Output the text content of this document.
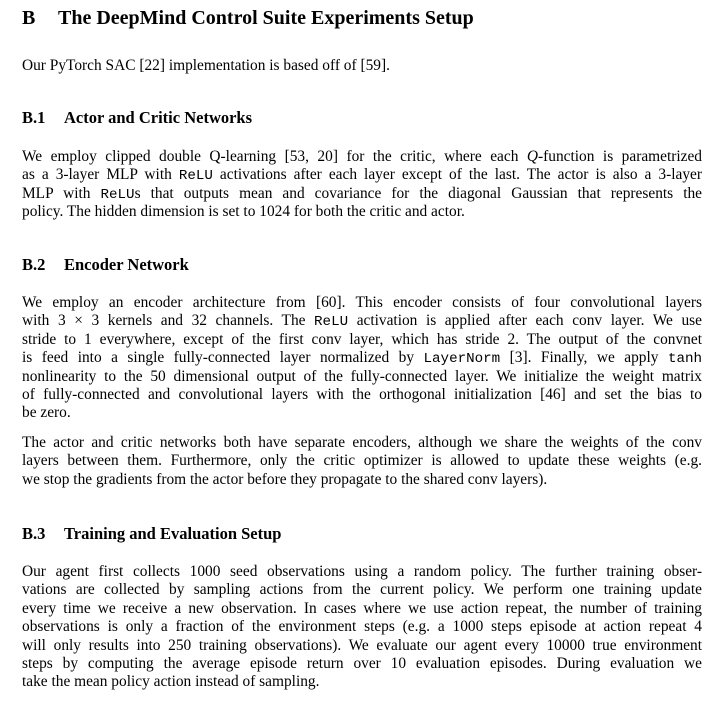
B The DeepMind Control Suite Experiments Setup
Our PyTorch SAC [22] implementation is based off of [59].
B.1 Actor and Critic Networks
We employ clipped double Q-learning [53, 20] for the critic, where each Q-function is parametrized
as a 3-layer MLP with ReLU activations after each layer except of the last. The actor is also a 3-layer
MLP with ReLUs that outputs mean and covariance for the diagonal Gaussian that represents the
policy. The hidden dimension is set to 1024 for both the critic and actor.
B.2 Encoder Network
We employ an encoder architecture from [60]. This encoder consists of four convolutional layers
with 3 × 3 kernels and 32 channels. The ReLU activation is applied after each conv layer. We use
stride to 1 everywhere, except of the first conv layer, which has stride 2. The output of the convnet
is feed into a single fully-connected layer normalized by LayerNorm [3]. Finally, we apply tanh
nonlinearity to the 50 dimensional output of the fully-connected layer. We initialize the weight matrix
of fully-connected and convolutional layers with the orthogonal initialization [46] and set the bias to
be zero.
The actor and critic networks both have separate encoders, although we share the weights of the conv
layers between them. Furthermore, only the critic optimizer is allowed to update these weights (e.g.
we stop the gradients from the actor before they propagate to the shared conv layers).
B.3 Training and Evaluation Setup
Our agent first collects 1000 seed observations using a random policy. The further training obser-
vations are collected by sampling actions from the current policy. We perform one training update
every time we receive a new observation. In cases where we use action repeat, the number of training
observations is only a fraction of the environment steps (e.g. a 1000 steps episode at action repeat 4
will only results into 250 training observations). We evaluate our agent every 10000 true environment
steps by computing the average episode return over 10 evaluation episodes. During evaluation we
take the mean policy action instead of sampling.
